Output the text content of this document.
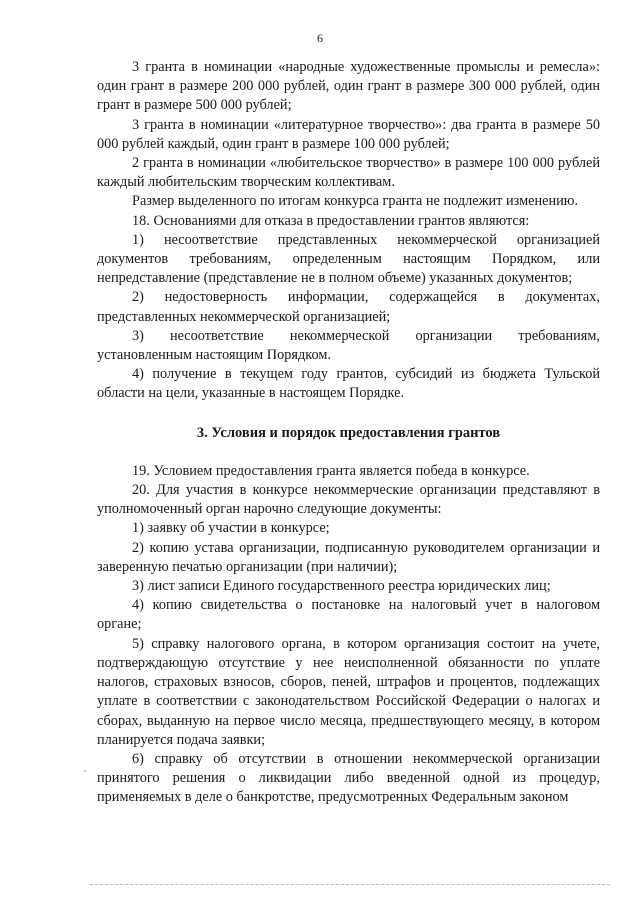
6

3 гранта в номинации «народные художественные промыслы и ремесла»: один грант в размере 200 000 рублей, один грант в размере 300 000 рублей, один грант в размере 500 000 рублей;

3 гранта в номинации «литературное творчество»: два гранта в размере 50 000 рублей каждый, один грант в размере 100 000 рублей;

2 гранта в номинации «любительское творчество» в размере 100 000 рублей каждый любительским творческим коллективам.

Размер выделенного по итогам конкурса гранта не подлежит изменению.

18. Основаниями для отказа в предоставлении грантов являются:

1) несоответствие представленных некоммерческой организацией документов требованиям, определенным настоящим Порядком, или непредставление (представление не в полном объеме) указанных документов;

2) недостоверность информации, содержащейся в документах, представленных некоммерческой организацией;

3) несоответствие некоммерческой организации требованиям, установленным настоящим Порядком.

4) получение в текущем году грантов, субсидий из бюджета Тульской области на цели, указанные в настоящем Порядке.

3. Условия и порядок предоставления грантов

19. Условием предоставления гранта является победа в конкурсе.

20. Для участия в конкурсе некоммерческие организации представляют в уполномоченный орган нарочно следующие документы:

1) заявку об участии в конкурсе;

2) копию устава организации, подписанную руководителем организации и заверенную печатью организации (при наличии);

3) лист записи Единого государственного реестра юридических лиц;

4) копию свидетельства о постановке на налоговый учет в налоговом органе;

5) справку налогового органа, в котором организация состоит на учете, подтверждающую отсутствие у нее неисполненной обязанности по уплате налогов, страховых взносов, сборов, пеней, штрафов и процентов, подлежащих уплате в соответствии с законодательством Российской Федерации о налогах и сборах, выданную на первое число месяца, предшествующего месяцу, в котором планируется подача заявки;

6) справку об отсутствии в отношении некоммерческой организации принятого решения о ликвидации либо введенной одной из процедур, применяемых в деле о банкротстве, предусмотренных Федеральным законом
